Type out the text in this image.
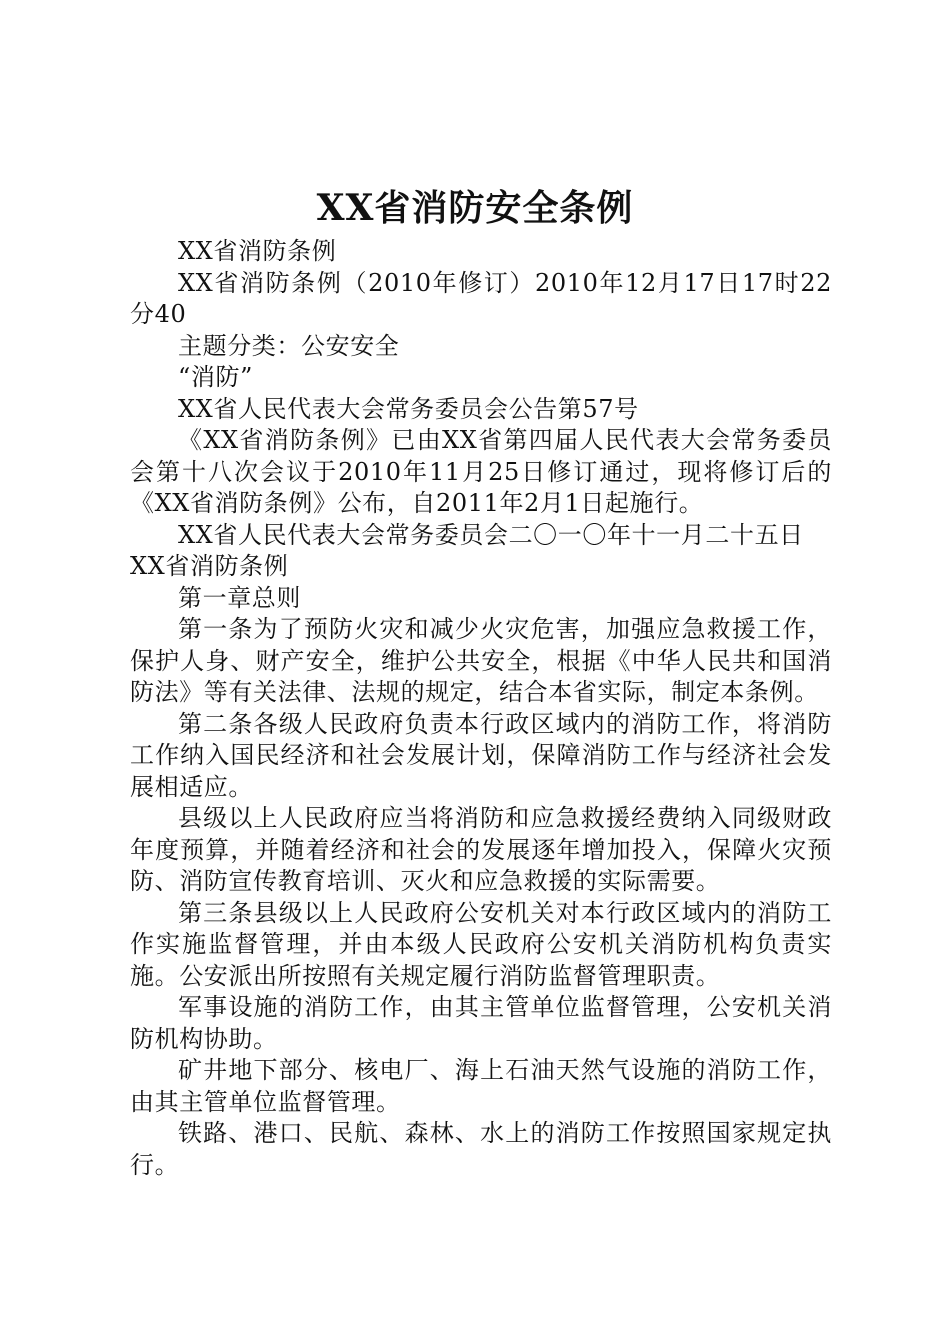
XX省消防安全条例

XX省消防条例

XX省消防条例（2010年修订）2010年12月17日17时22分40

主题分类：公安安全

“消防”

XX省人民代表大会常务委员会公告第57号

《XX省消防条例》已由XX省第四届人民代表大会常务委员会第十八次会议于2010年11月25日修订通过，现将修订后的《XX省消防条例》公布，自2011年2月1日起施行。

XX省人民代表大会常务委员会二〇一〇年十一月二十五日

XX省消防条例

第一章总则

第一条为了预防火灾和减少火灾危害，加强应急救援工作，保护人身、财产安全，维护公共安全，根据《中华人民共和国消防法》等有关法律、法规的规定，结合本省实际，制定本条例。

第二条各级人民政府负责本行政区域内的消防工作，将消防工作纳入国民经济和社会发展计划，保障消防工作与经济社会发展相适应。

县级以上人民政府应当将消防和应急救援经费纳入同级财政年度预算，并随着经济和社会的发展逐年增加投入，保障火灾预防、消防宣传教育培训、灭火和应急救援的实际需要。

第三条县级以上人民政府公安机关对本行政区域内的消防工作实施监督管理，并由本级人民政府公安机关消防机构负责实施。公安派出所按照有关规定履行消防监督管理职责。

军事设施的消防工作，由其主管单位监督管理，公安机关消防机构协助。

矿井地下部分、核电厂、海上石油天然气设施的消防工作，由其主管单位监督管理。

铁路、港口、民航、森林、水上的消防工作按照国家规定执行。
